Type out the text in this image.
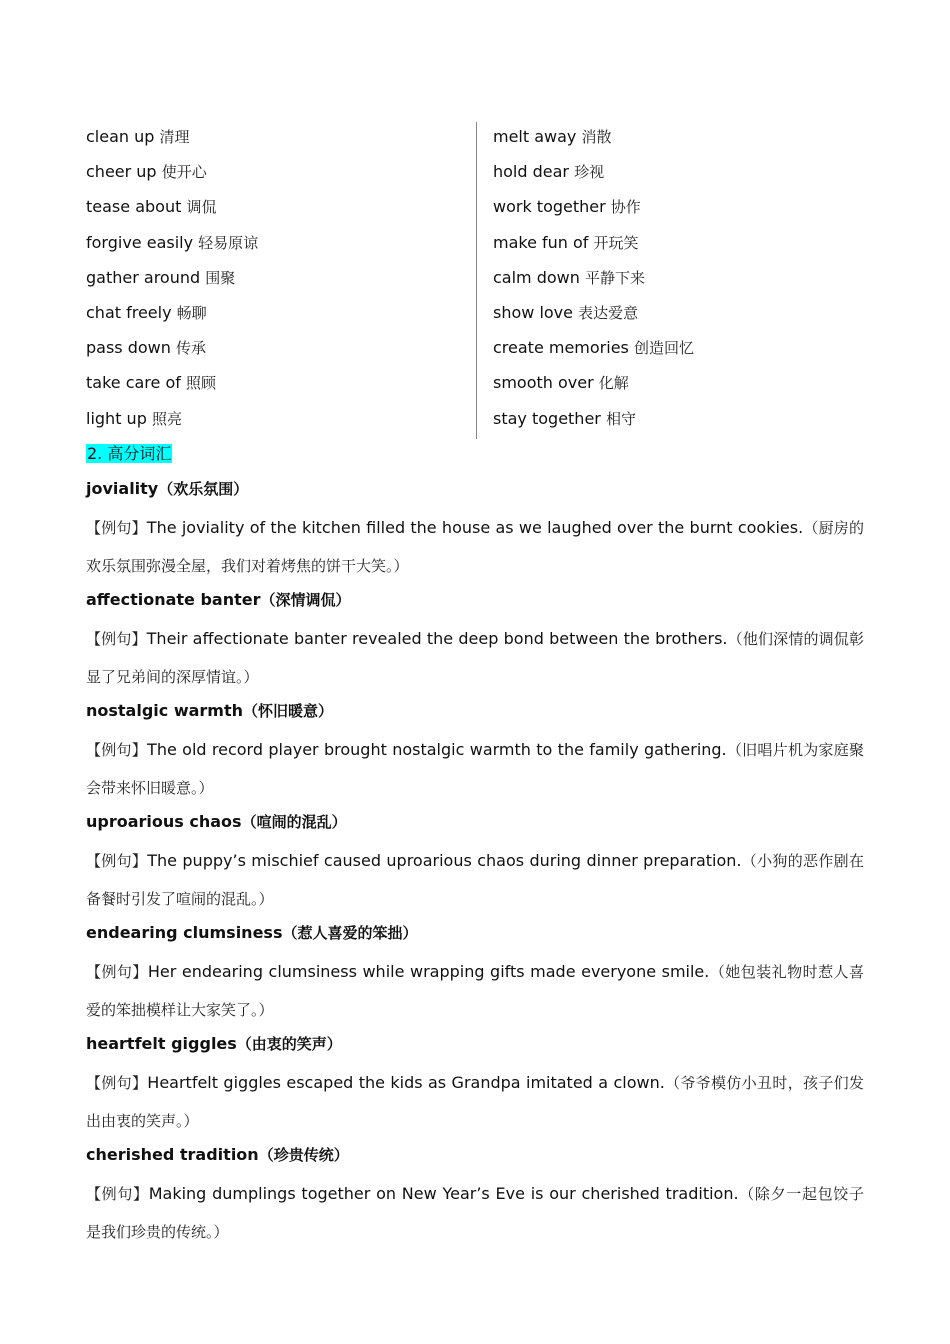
clean up 清理
cheer up 使开心
tease about 调侃
forgive easily 轻易原谅
gather around 围聚
chat freely 畅聊
pass down 传承
take care of 照顾
light up 照亮
melt away 消散
hold dear 珍视
work together 协作
make fun of 开玩笑
calm down 平静下来
show love 表达爱意
create memories 创造回忆
smooth over 化解
stay together 相守
2. 高分词汇
joviality（欢乐氛围）
【例句】The joviality of the kitchen filled the house as we laughed over the burnt cookies.（厨房的欢乐氛围弥漫全屋，我们对着烤焦的饼干大笑。）
affectionate banter（深情调侃）
【例句】Their affectionate banter revealed the deep bond between the brothers.（他们深情的调侃彰显了兄弟间的深厚情谊。）
nostalgic warmth（怀旧暖意）
【例句】The old record player brought nostalgic warmth to the family gathering.（旧唱片机为家庭聚会带来怀旧暖意。）
uproarious chaos（喧闹的混乱）
【例句】The puppy’s mischief caused uproarious chaos during dinner preparation.（小狗的恶作剧在备餐时引发了喧闹的混乱。）
endearing clumsiness（惹人喜爱的笨拙）
【例句】Her endearing clumsiness while wrapping gifts made everyone smile.（她包装礼物时惹人喜爱的笨拙模样让大家笑了。）
heartfelt giggles（由衷的笑声）
【例句】Heartfelt giggles escaped the kids as Grandpa imitated a clown.（爷爷模仿小丑时，孩子们发出由衷的笑声。）
cherished tradition（珍贵传统）
【例句】Making dumplings together on New Year’s Eve is our cherished tradition.（除夕一起包饺子是我们珍贵的传统。）
